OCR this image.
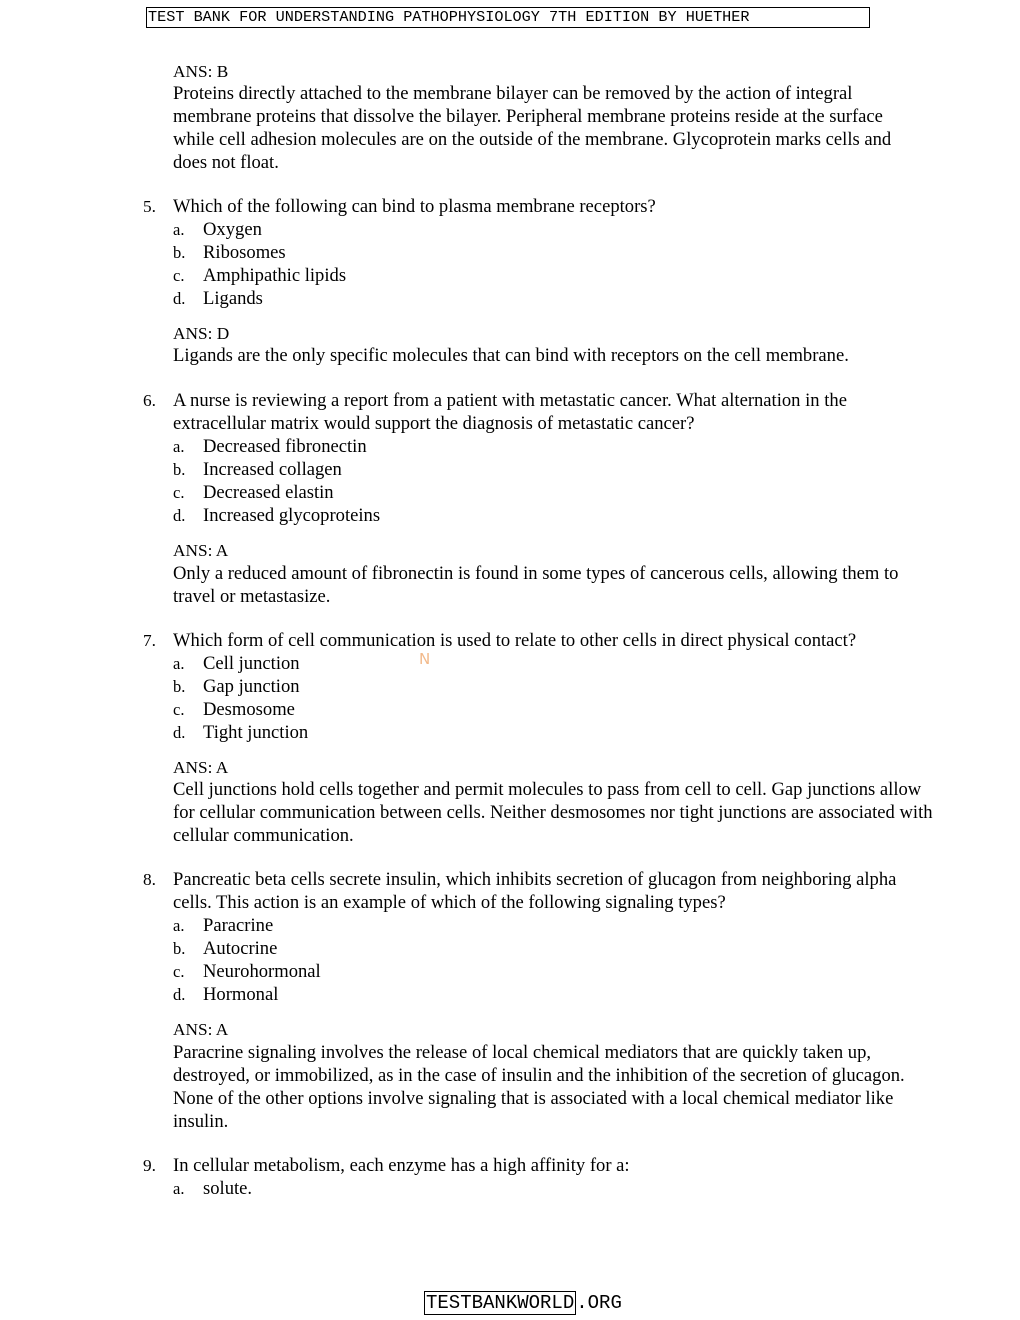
TEST BANK FOR UNDERSTANDING PATHOPHYSIOLOGY 7TH EDITION BY HUETHER
ANS: B
Proteins directly attached to the membrane bilayer can be removed by the action of integral membrane proteins that dissolve the bilayer. Peripheral membrane proteins reside at the surface while cell adhesion molecules are on the outside of the membrane. Glycoprotein marks cells and does not float.
5. Which of the following can bind to plasma membrane receptors?
a. Oxygen
b. Ribosomes
c. Amphipathic lipids
d. Ligands
ANS: D
Ligands are the only specific molecules that can bind with receptors on the cell membrane.
6. A nurse is reviewing a report from a patient with metastatic cancer. What alternation in the extracellular matrix would support the diagnosis of metastatic cancer?
a. Decreased fibronectin
b. Increased collagen
c. Decreased elastin
d. Increased glycoproteins
ANS: A
Only a reduced amount of fibronectin is found in some types of cancerous cells, allowing them to travel or metastasize.
7. Which form of cell communication is used to relate to other cells in direct physical contact?
a. Cell junction
b. Gap junction
c. Desmosome
d. Tight junction
ANS: A
Cell junctions hold cells together and permit molecules to pass from cell to cell. Gap junctions allow for cellular communication between cells. Neither desmosomes nor tight junctions are associated with cellular communication.
8. Pancreatic beta cells secrete insulin, which inhibits secretion of glucagon from neighboring alpha cells. This action is an example of which of the following signaling types?
a. Paracrine
b. Autocrine
c. Neurohormonal
d. Hormonal
ANS: A
Paracrine signaling involves the release of local chemical mediators that are quickly taken up, destroyed, or immobilized, as in the case of insulin and the inhibition of the secretion of glucagon. None of the other options involve signaling that is associated with a local chemical mediator like insulin.
9. In cellular metabolism, each enzyme has a high affinity for a:
a. solute.
N
TESTBANKWORLD .ORG
